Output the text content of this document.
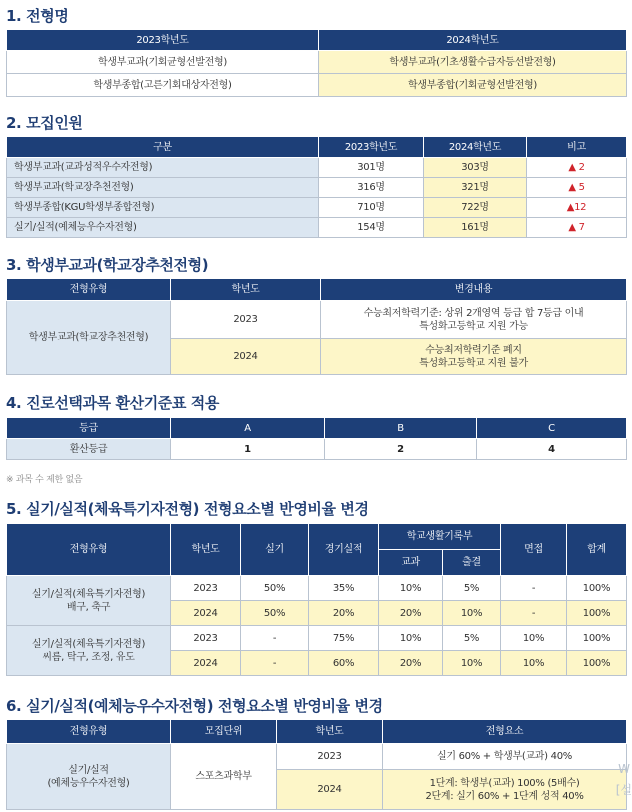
1. 전형명
2023학년도	2024학년도
학생부교과(기회균형선발전형)	학생부교과(기초생활수급자등선발전형)
학생부종합(고른기회대상자전형)	학생부종합(기회균형선발전형)
2. 모집인원
구분	2023학년도	2024학년도	비고
학생부교과(교과성적우수자전형)	301명	303명	▲ 2
학생부교과(학교장추천전형)	316명	321명	▲ 5
학생부종합(KGU학생부종합전형)	710명	722명	▲12
실기/실적(예체능우수자전형)	154명	161명	▲ 7
3. 학생부교과(학교장추천전형)
전형유형	학년도	변경내용
학생부교과(학교장추천전형)	2023	수능최저학력기준: 상위 2개영역 등급 합 7등급 이내
특성화고등학교 지원 가능

	2024	수능최저학력기준 폐지
특성화고등학교 지원 불가
4. 진로선택과목 환산기준표 적용
등급	A	B	C
환산등급	1	2	4
※ 과목 수 제한 없음
5. 실기/실적(체육특기자전형) 전형요소별 반영비율 변경
전형유형	학년도	실기	경기실적	학교생활기록부		면접	합계
				교과	출결		

실기/실적(체육특기자전형)
배구, 축구	2023	50%	35%	10%	5%	-	100%
	2024	50%	20%	20%	10%	-	100%

실기/실적(체육특기자전형)
씨름, 탁구, 조정, 유도	2023	-	75%	10%	5%	10%	100%
	2024	-	60%	20%	10%	10%	100%
6. 실기/실적(예체능우수자전형) 전형요소별 반영비율 변경
전형유형	모집단위	학년도	전형요소

실기/실적
(예체능우수자전형)	스포츠과학부	2023	실기 60% + 학생부(교과) 40%
		2024	1단계: 학생부(교과) 100% (5배수)
2단계: 실기 60% + 1단계 성적 40%
W
[설
